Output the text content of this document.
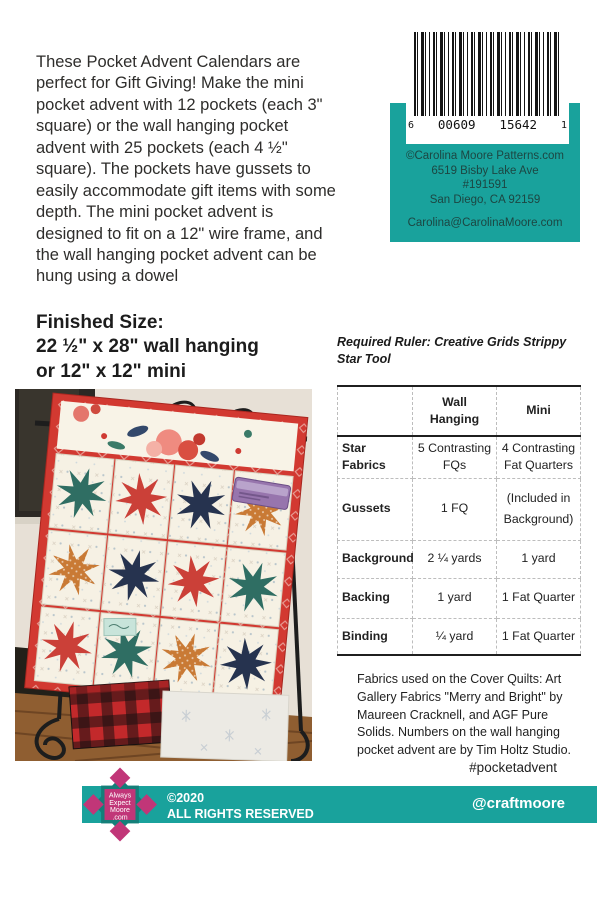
These Pocket Advent Calendars are perfect for Gift Giving! Make the mini pocket advent with 12 pockets (each 3" square) or the wall hanging pocket advent with 25 pockets (each 4 ½" square). The pockets have gussets to easily accommodate gift items with some depth. The mini pocket advent is designed to fit on a 12" wire frame, and the wall hanging pocket advent can be hung using a dowel
6 00609 15642 1
©Carolina Moore Patterns.com
6519 Bisby Lake Ave
#191591
San Diego, CA 92159
Carolina@CarolinaMoore.com
Finished Size:
22 ½" x 28" wall hanging
or 12" x 12" mini
Required Ruler: Creative Grids Strippy Star Tool
	Wall Hanging	Mini
Star Fabrics	5 Contrasting FQs	4 Contrasting Fat Quarters
Gussets	1 FQ	(Included in Background)
Background	2 ¼ yards	1 yard
Backing	1 yard	1 Fat Quarter
Binding	¼ yard	1 Fat Quarter
Fabrics used on the Cover Quilts: Art Gallery Fabrics "Merry and Bright" by Maureen Cracknell, and AGF Pure Solids. Numbers on the wall hanging pocket advent are by Tim Holtz Studio.
#pocketadvent
©2020
ALL RIGHTS RESERVED
@craftmoore
Always
Expect
Moore
.com
